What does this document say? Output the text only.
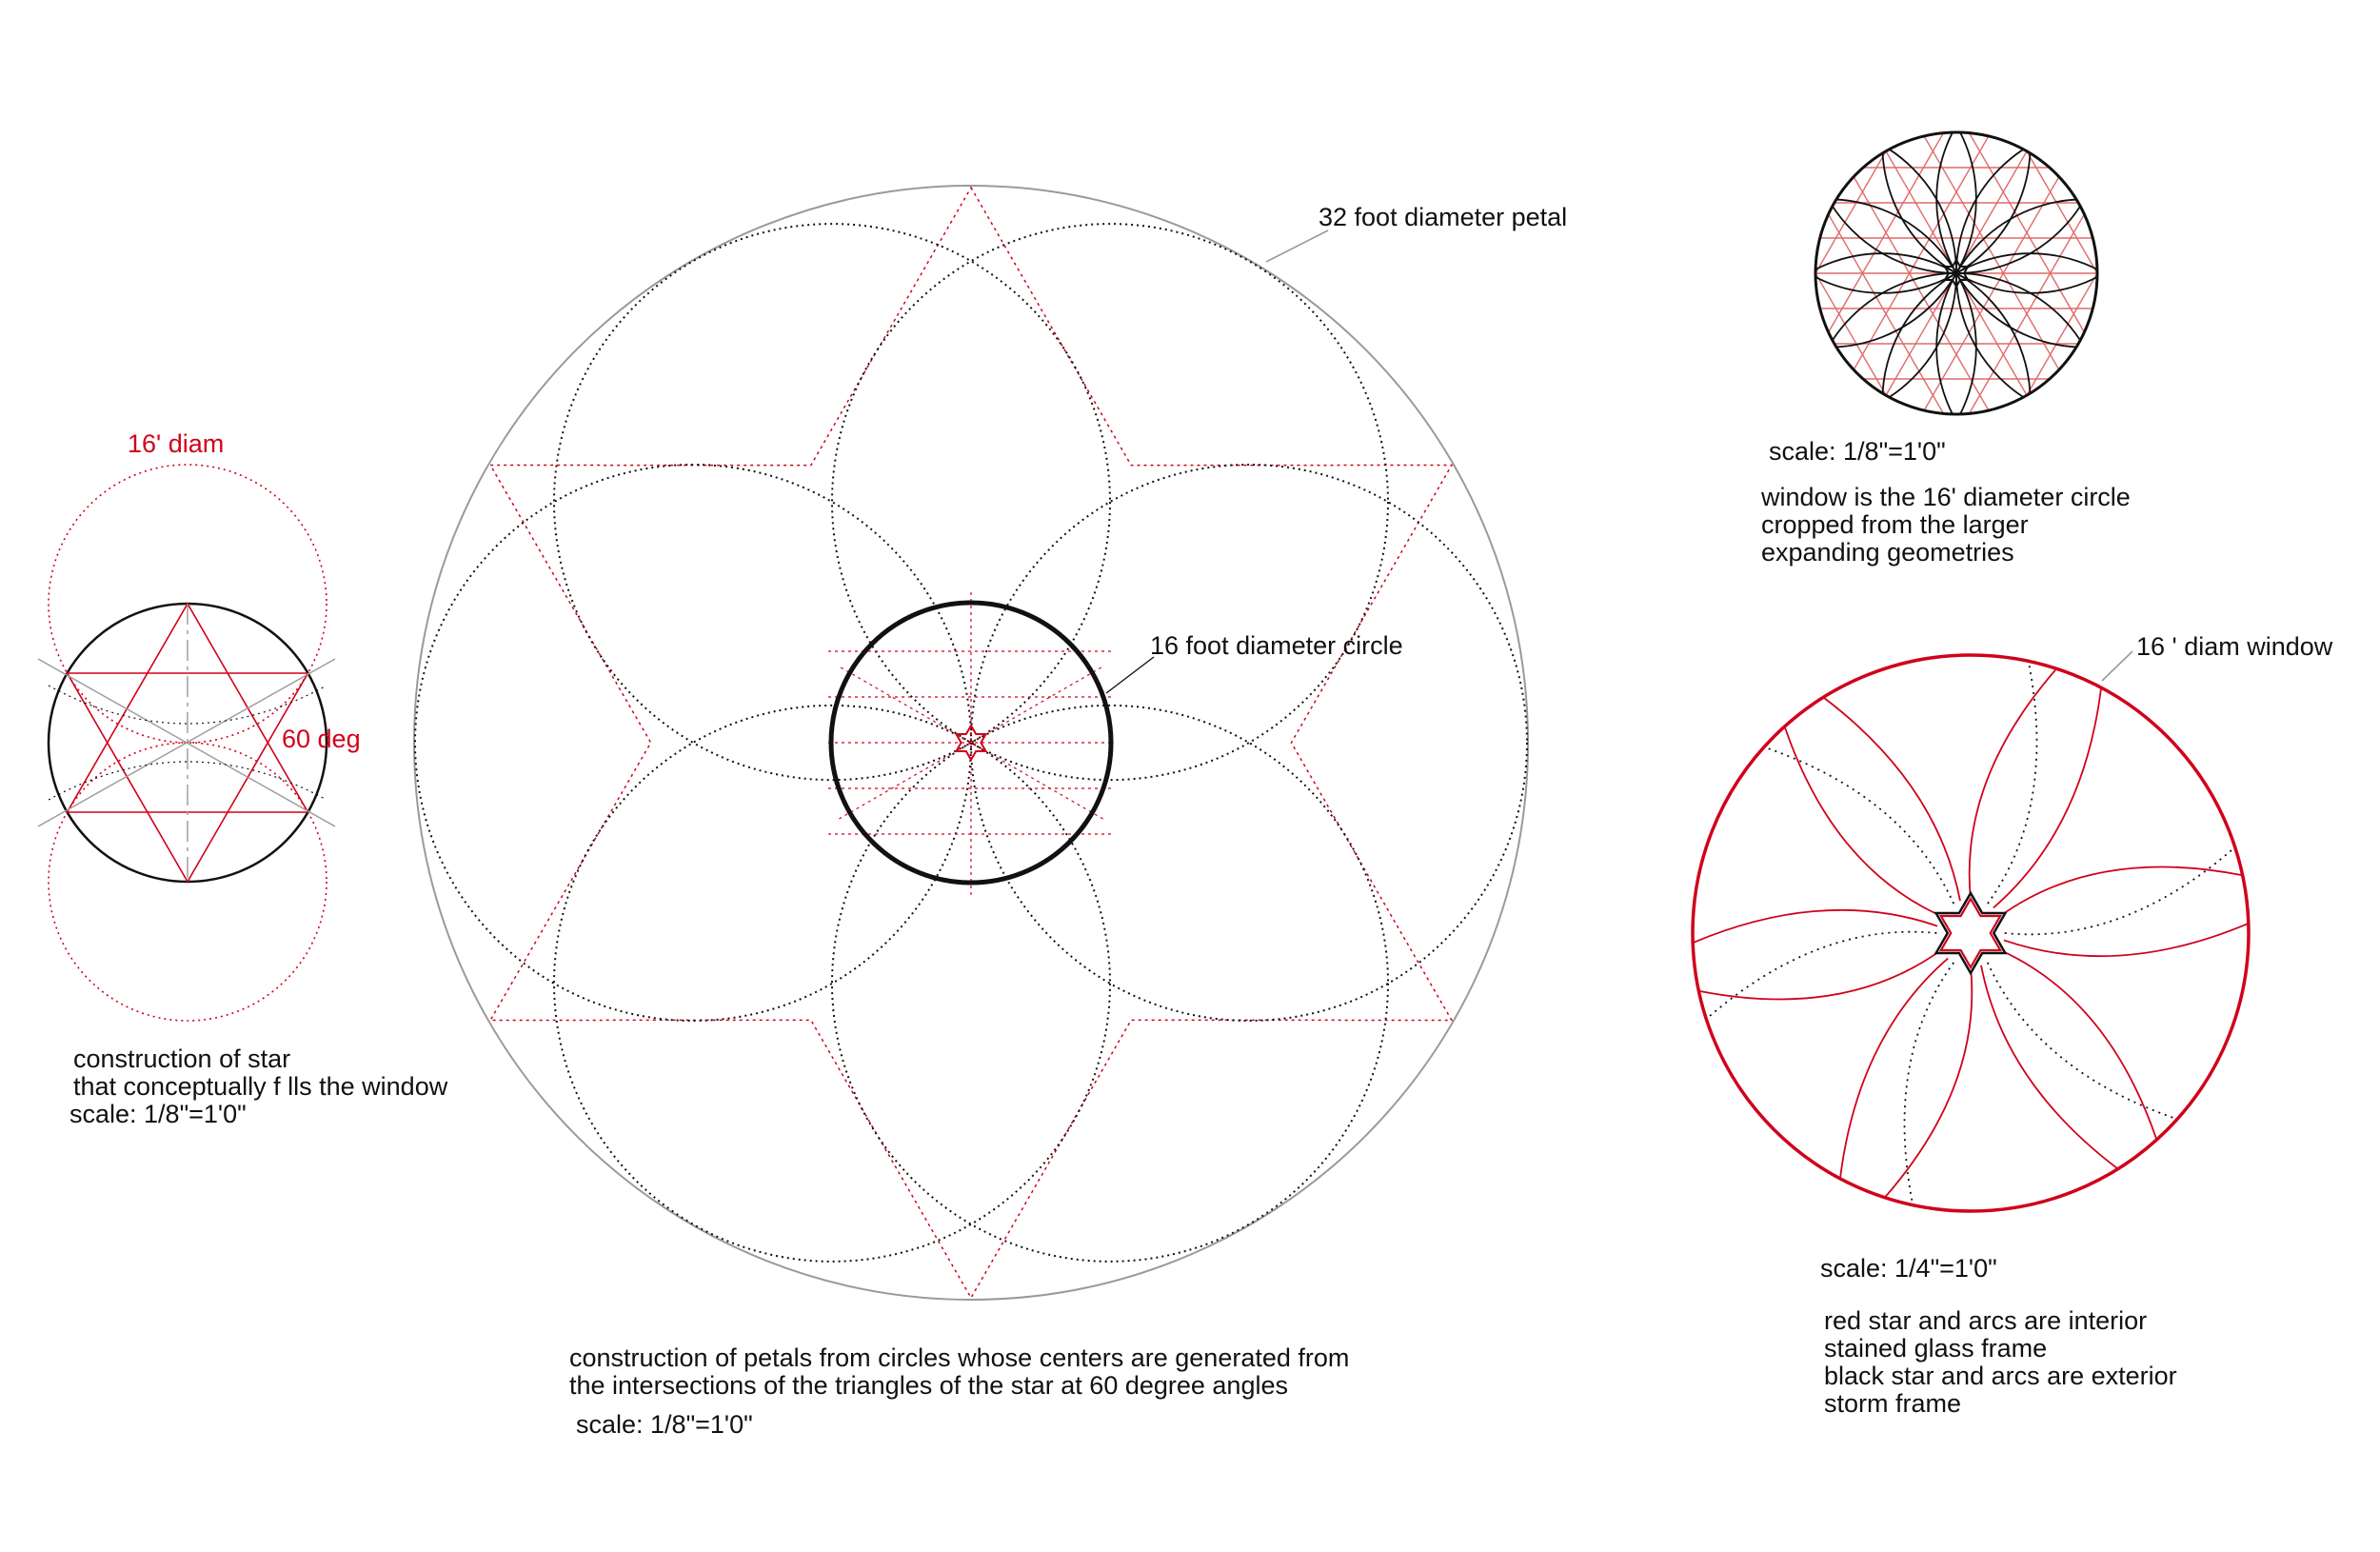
16' diam
60 deg
construction of star
that conceptually f lls the window
scale: 1/8"=1'0"
32 foot diameter petal
16 foot diameter circle
construction of petals from circles whose centers are generated from
the intersections of the triangles of the star at 60 degree angles
scale: 1/8"=1'0"
scale: 1/8"=1'0"
window is the 16' diameter circle
cropped from the larger
expanding geometries
16 ' diam window
scale: 1/4"=1'0"
red star and arcs are interior
stained glass frame
black star and arcs are exterior
storm frame
